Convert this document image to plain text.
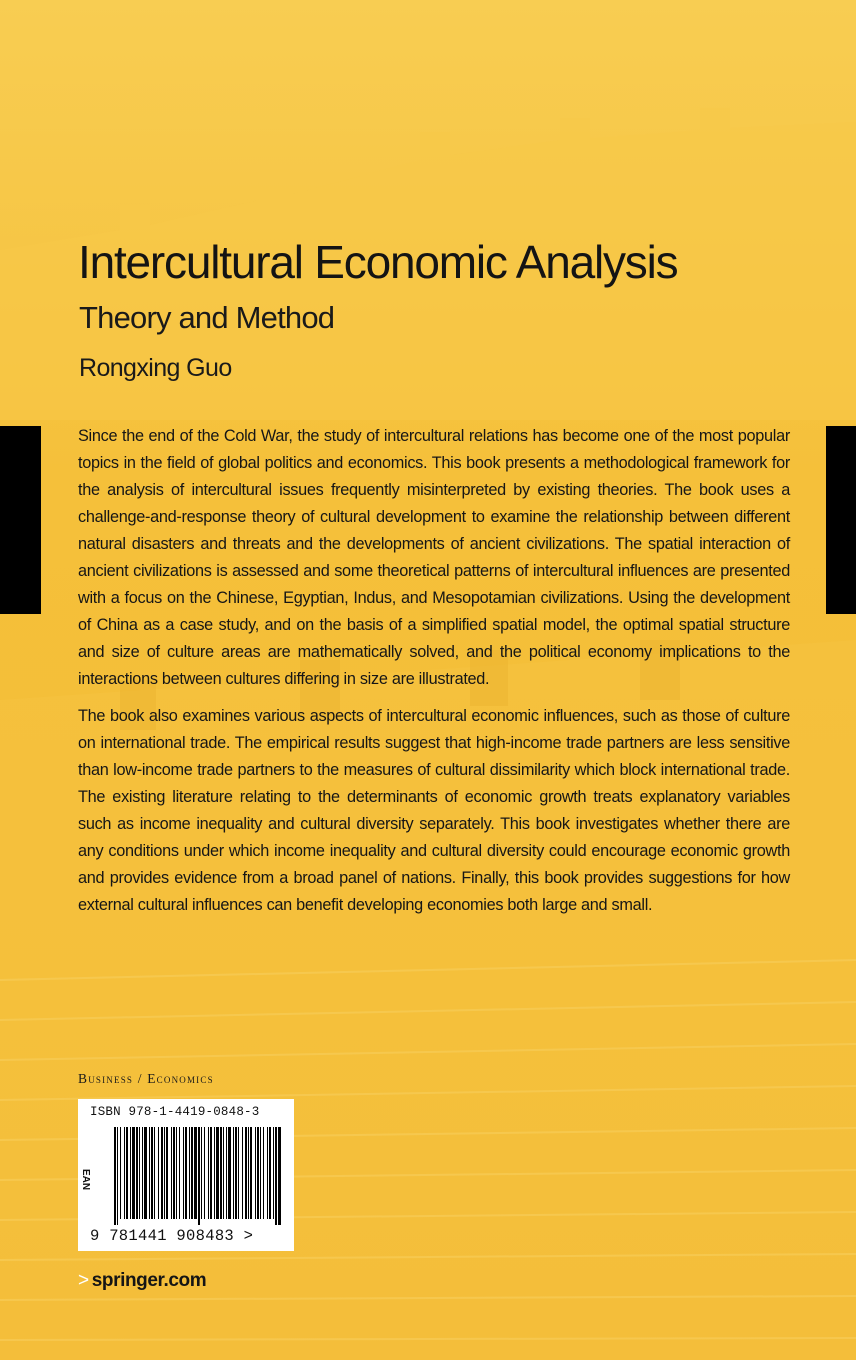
Intercultural Economic Analysis
Theory and Method
Rongxing Guo

Since the end of the Cold War, the study of intercultural relations has become one of the most popular topics in the field of global politics and economics. This book presents a methodological framework for the analysis of intercultural issues frequently misinterpreted by existing theories. The book uses a challenge-and-response theory of cultural development to examine the relationship between different natural disasters and threats and the developments of ancient civilizations. The spatial interaction of ancient civilizations is assessed and some theoretical patterns of intercultural influences are presented with a focus on the Chinese, Egyptian, Indus, and Mesopotamian civilizations. Using the development of China as a case study, and on the basis of a simplified spatial model, the optimal spatial structure and size of culture areas are mathematically solved, and the political economy implications to the interactions between cultures differing in size are illustrated.

The book also examines various aspects of intercultural economic influences, such as those of culture on international trade. The empirical results suggest that high-income trade partners are less sensitive than low-income trade partners to the measures of cultural dissimilarity which block international trade. The existing literature relating to the determinants of economic growth treats explanatory variables such as income inequality and cultural diversity separately. This book investigates whether there are any conditions under which income inequality and cultural diversity could encourage economic growth and provides evidence from a broad panel of nations. Finally, this book provides suggestions for how external cultural influences can benefit developing economies both large and small.

Business / Economics
ISBN 978-1-4419-0848-3
EAN
9 781441 908483 >
> springer.com
